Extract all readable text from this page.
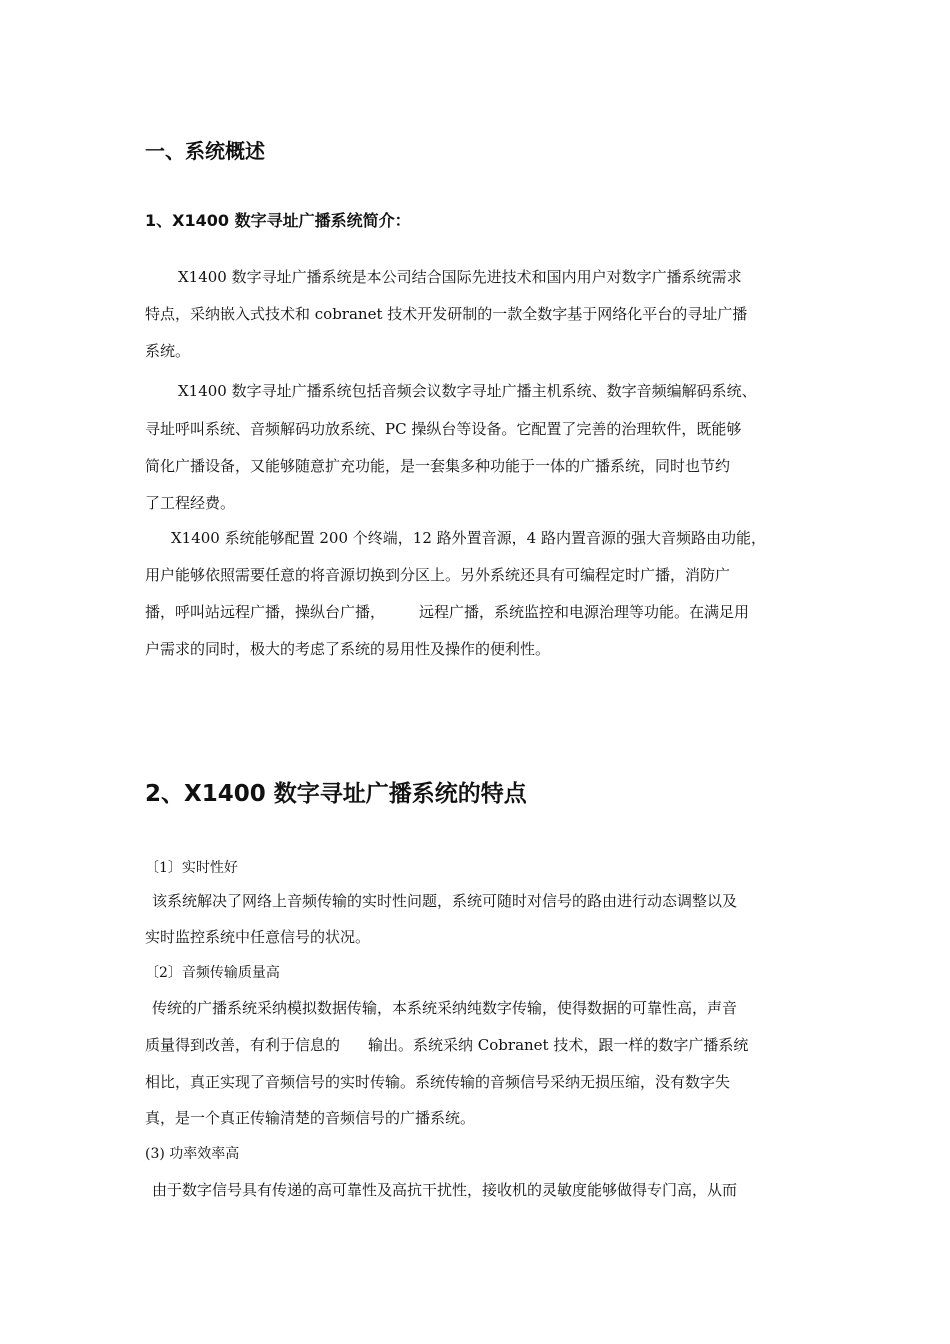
一、系统概述
1、X1400 数字寻址广播系统简介：
X1400 数字寻址广播系统是本公司结合国际先进技术和国内用户对数字广播系统需求
特点，采纳嵌入式技术和 cobranet 技术开发研制的一款全数字基于网络化平台的寻址广播
系统。
X1400 数字寻址广播系统包括音频会议数字寻址广播主机系统、数字音频编解码系统、
寻址呼叫系统、音频解码功放系统、PC 操纵台等设备。它配置了完善的治理软件，既能够
简化广播设备，又能够随意扩充功能，是一套集多种功能于一体的广播系统，同时也节约
了工程经费。
X1400 系统能够配置 200 个终端，12 路外置音源，4 路内置音源的强大音频路由功能，
用户能够依照需要任意的将音源切换到分区上。另外系统还具有可编程定时广播，消防广
播，呼叫站远程广播，操纵台广播， 远程广播，系统监控和电源治理等功能。在满足用
户需求的同时，极大的考虑了系统的易用性及操作的便利性。
2、X1400 数字寻址广播系统的特点
〔1〕实时性好
该系统解决了网络上音频传输的实时性问题，系统可随时对信号的路由进行动态调整以及
实时监控系统中任意信号的状况。
〔2〕音频传输质量高
传统的广播系统采纳模拟数据传输，本系统采纳纯数字传输，使得数据的可靠性高，声音
质量得到改善，有利于信息的 输出。系统采纳 Cobranet 技术，跟一样的数字广播系统
相比，真正实现了音频信号的实时传输。系统传输的音频信号采纳无损压缩，没有数字失
真，是一个真正传输清楚的音频信号的广播系统。
(3) 功率效率高
由于数字信号具有传递的高可靠性及高抗干扰性，接收机的灵敏度能够做得专门高，从而
